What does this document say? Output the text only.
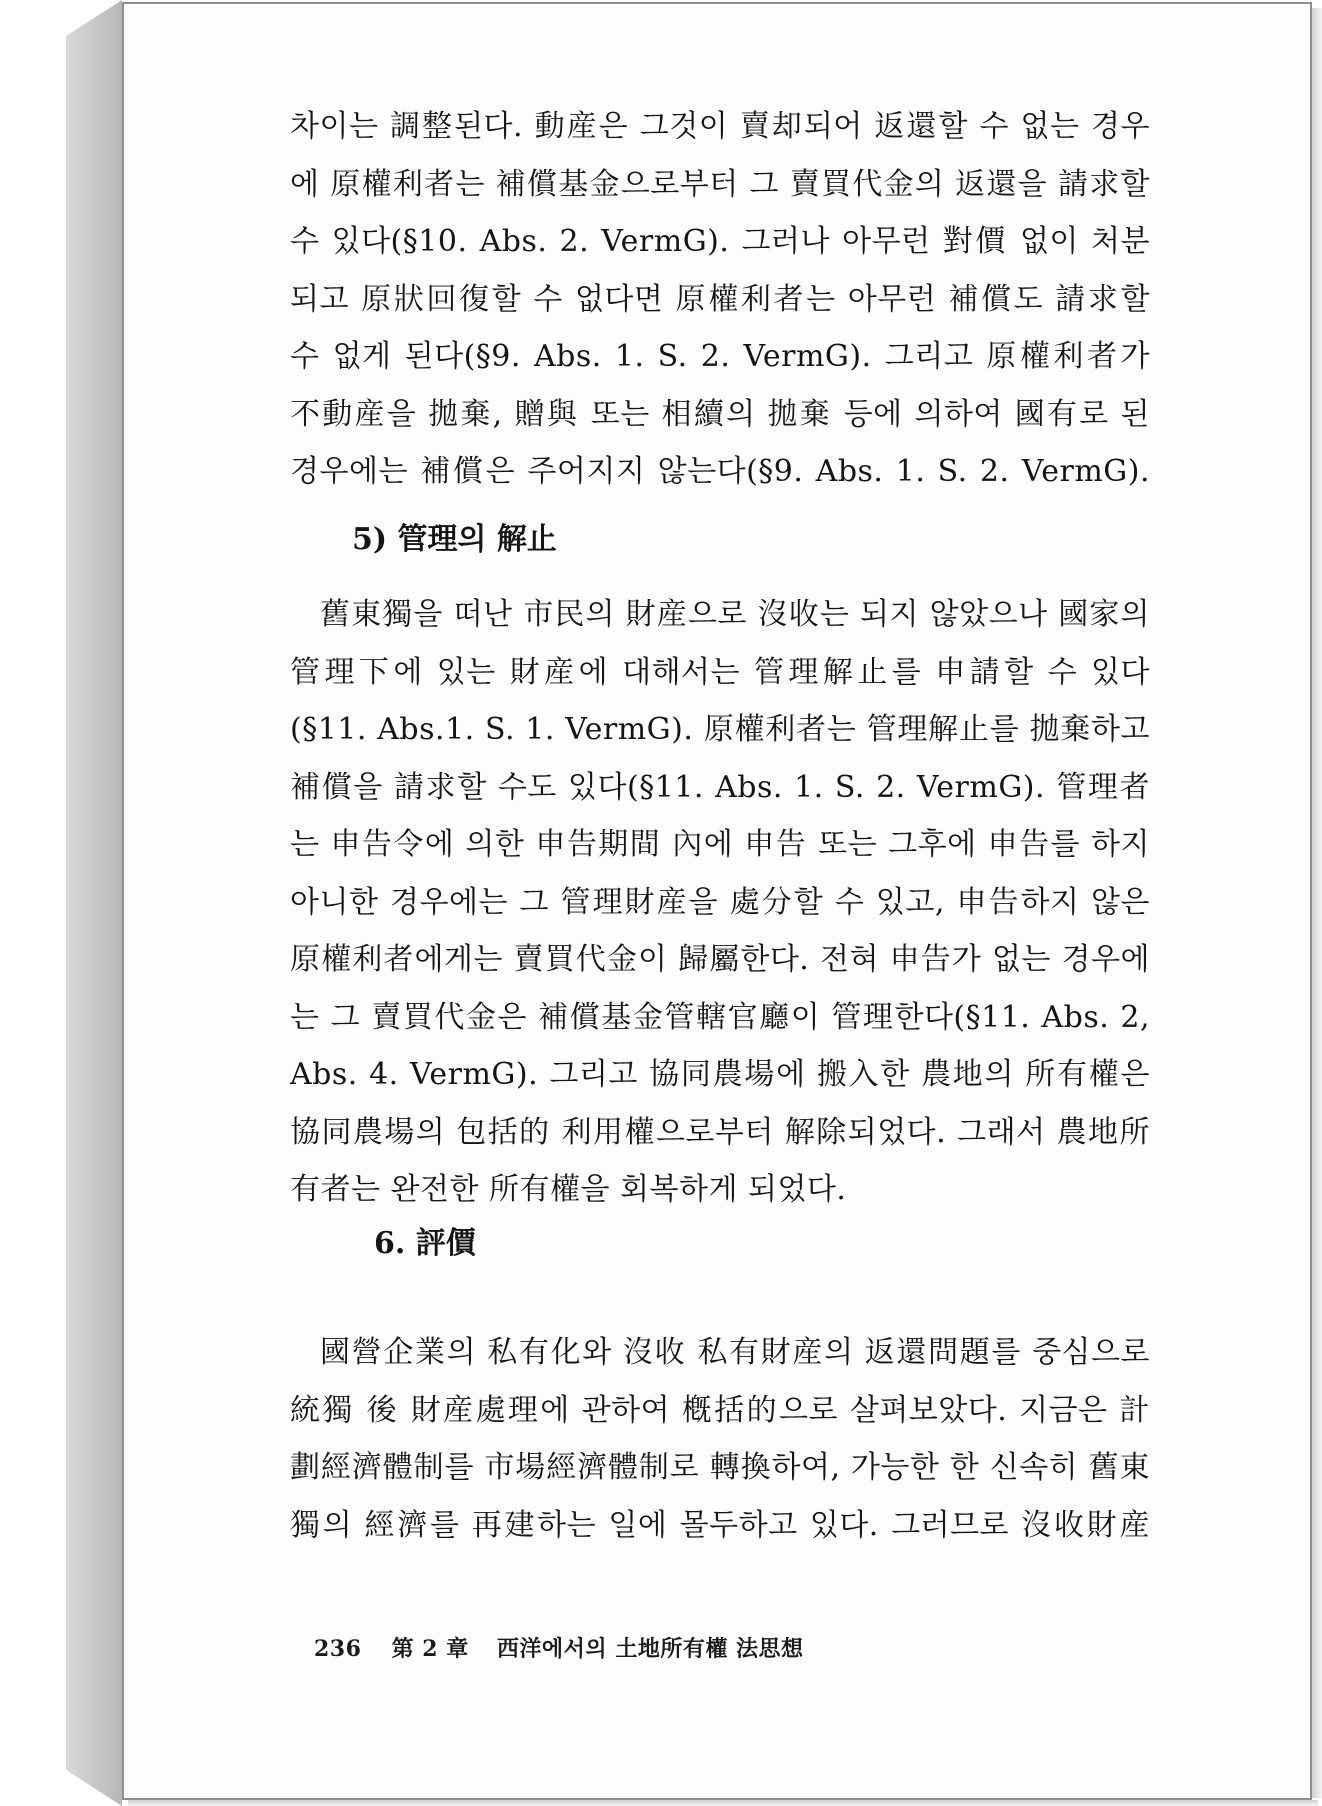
차이는 調整된다. 動産은 그것이 賣却되어 返還할 수 없는 경우
에 原權利者는 補償基金으로부터 그 賣買代金의 返還을 請求할
수 있다(§10. Abs. 2. VermG). 그러나 아무런 對價 없이 처분
되고 原狀回復할 수 없다면 原權利者는 아무런 補償도 請求할
수 없게 된다(§9. Abs. 1. S. 2. VermG). 그리고 原權利者가
不動産을 拋棄, 贈與 또는 相續의 拋棄 등에 의하여 國有로 된
경우에는 補償은 주어지지 않는다(§9. Abs. 1. S. 2. VermG).
5) 管理의 解止
舊東獨을 떠난 市民의 財産으로 沒收는 되지 않았으나 國家의
管理下에 있는 財産에 대해서는 管理解止를 申請할 수 있다
(§11. Abs.1. S. 1. VermG). 原權利者는 管理解止를 拋棄하고
補償을 請求할 수도 있다(§11. Abs. 1. S. 2. VermG). 管理者
는 申告令에 의한 申告期間 內에 申告 또는 그후에 申告를 하지
아니한 경우에는 그 管理財産을 處分할 수 있고, 申告하지 않은
原權利者에게는 賣買代金이 歸屬한다. 전혀 申告가 없는 경우에
는 그 賣買代金은 補償基金管轄官廳이 管理한다(§11. Abs. 2,
Abs. 4. VermG). 그리고 協同農場에 搬入한 農地의 所有權은
協同農場의 包括的 利用權으로부터 解除되었다. 그래서 農地所
有者는 완전한 所有權을 회복하게 되었다.
6. 評價
國營企業의 私有化와 沒收 私有財産의 返還問題를 중심으로
統獨 後 財産處理에 관하여 槪括的으로 살펴보았다. 지금은 計
劃經濟體制를 市場經濟體制로 轉換하여, 가능한 한 신속히 舊東
獨의 經濟를 再建하는 일에 몰두하고 있다. 그러므로 沒收財産
236 第 2 章 西洋에서의 土地所有權 法思想
